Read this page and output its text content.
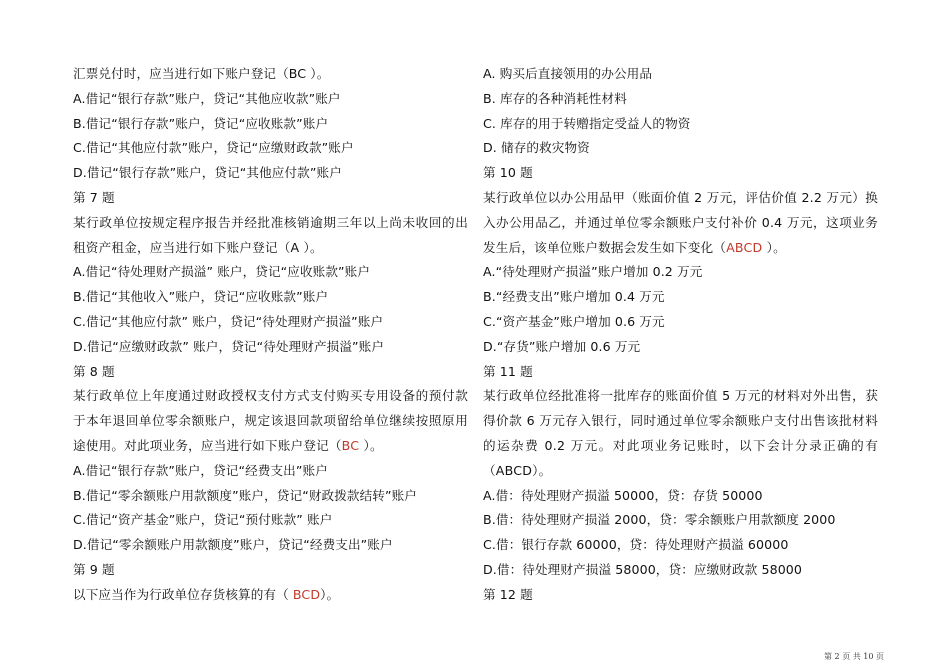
汇票兑付时，应当进行如下账户登记（BC ）。
A.借记“银行存款”账户，贷记“其他应收款”账户
B.借记“银行存款”账户，贷记“应收账款”账户
C.借记“其他应付款”账户，贷记“应缴财政款”账户
D.借记“银行存款”账户，贷记“其他应付款”账户
第 7 题
某行政单位按规定程序报告并经批准核销逾期三年以上尚未收回的出租资产租金，应当进行如下账户登记（A ）。
A.借记“待处理财产损溢” 账户，贷记“应收账款”账户
B.借记“其他收入”账户，贷记“应收账款”账户
C.借记“其他应付款” 账户，贷记“待处理财产损溢”账户
D.借记“应缴财政款” 账户，贷记“待处理财产损溢”账户
第 8 题
某行政单位上年度通过财政授权支付方式支付购买专用设备的预付款于本年退回单位零余额账户，规定该退回款项留给单位继续按照原用途使用。对此项业务，应当进行如下账户登记（BC ）。
A.借记“银行存款”账户，贷记“经费支出”账户
B.借记“零余额账户用款额度”账户，贷记“财政拨款结转”账户
C.借记“资产基金”账户，贷记“预付账款” 账户
D.借记“零余额账户用款额度”账户，贷记“经费支出”账户
第 9 题
以下应当作为行政单位存货核算的有（ BCD）。
A. 购买后直接领用的办公用品
B. 库存的各种消耗性材料
C. 库存的用于转赠指定受益人的物资
D. 储存的救灾物资
第 10 题
某行政单位以办公用品甲（账面价值 2 万元，评估价值 2.2 万元）换入办公用品乙，并通过单位零余额账户支付补价 0.4 万元，这项业务发生后，该单位账户数据会发生如下变化（ABCD ）。
A.“待处理财产损溢”账户增加 0.2 万元
B.“经费支出”账户增加 0.4 万元
C.“资产基金”账户增加 0.6 万元
D.“存货”账户增加 0.6 万元
第 11 题
某行政单位经批准将一批库存的账面价值 5 万元的材料对外出售，获得价款 6 万元存入银行，同时通过单位零余额账户支付出售该批材料的运杂费 0.2 万元。对此项业务记账时，以下会计分录正确的有（ABCD）。
A.借：待处理财产损溢 50000，贷：存货 50000
B.借：待处理财产损溢 2000，贷：零余额账户用款额度 2000
C.借：银行存款 60000，贷：待处理财产损溢 60000
D.借：待处理财产损溢 58000，贷：应缴财政款 58000
第 12 题
第 2 页 共 10 页
